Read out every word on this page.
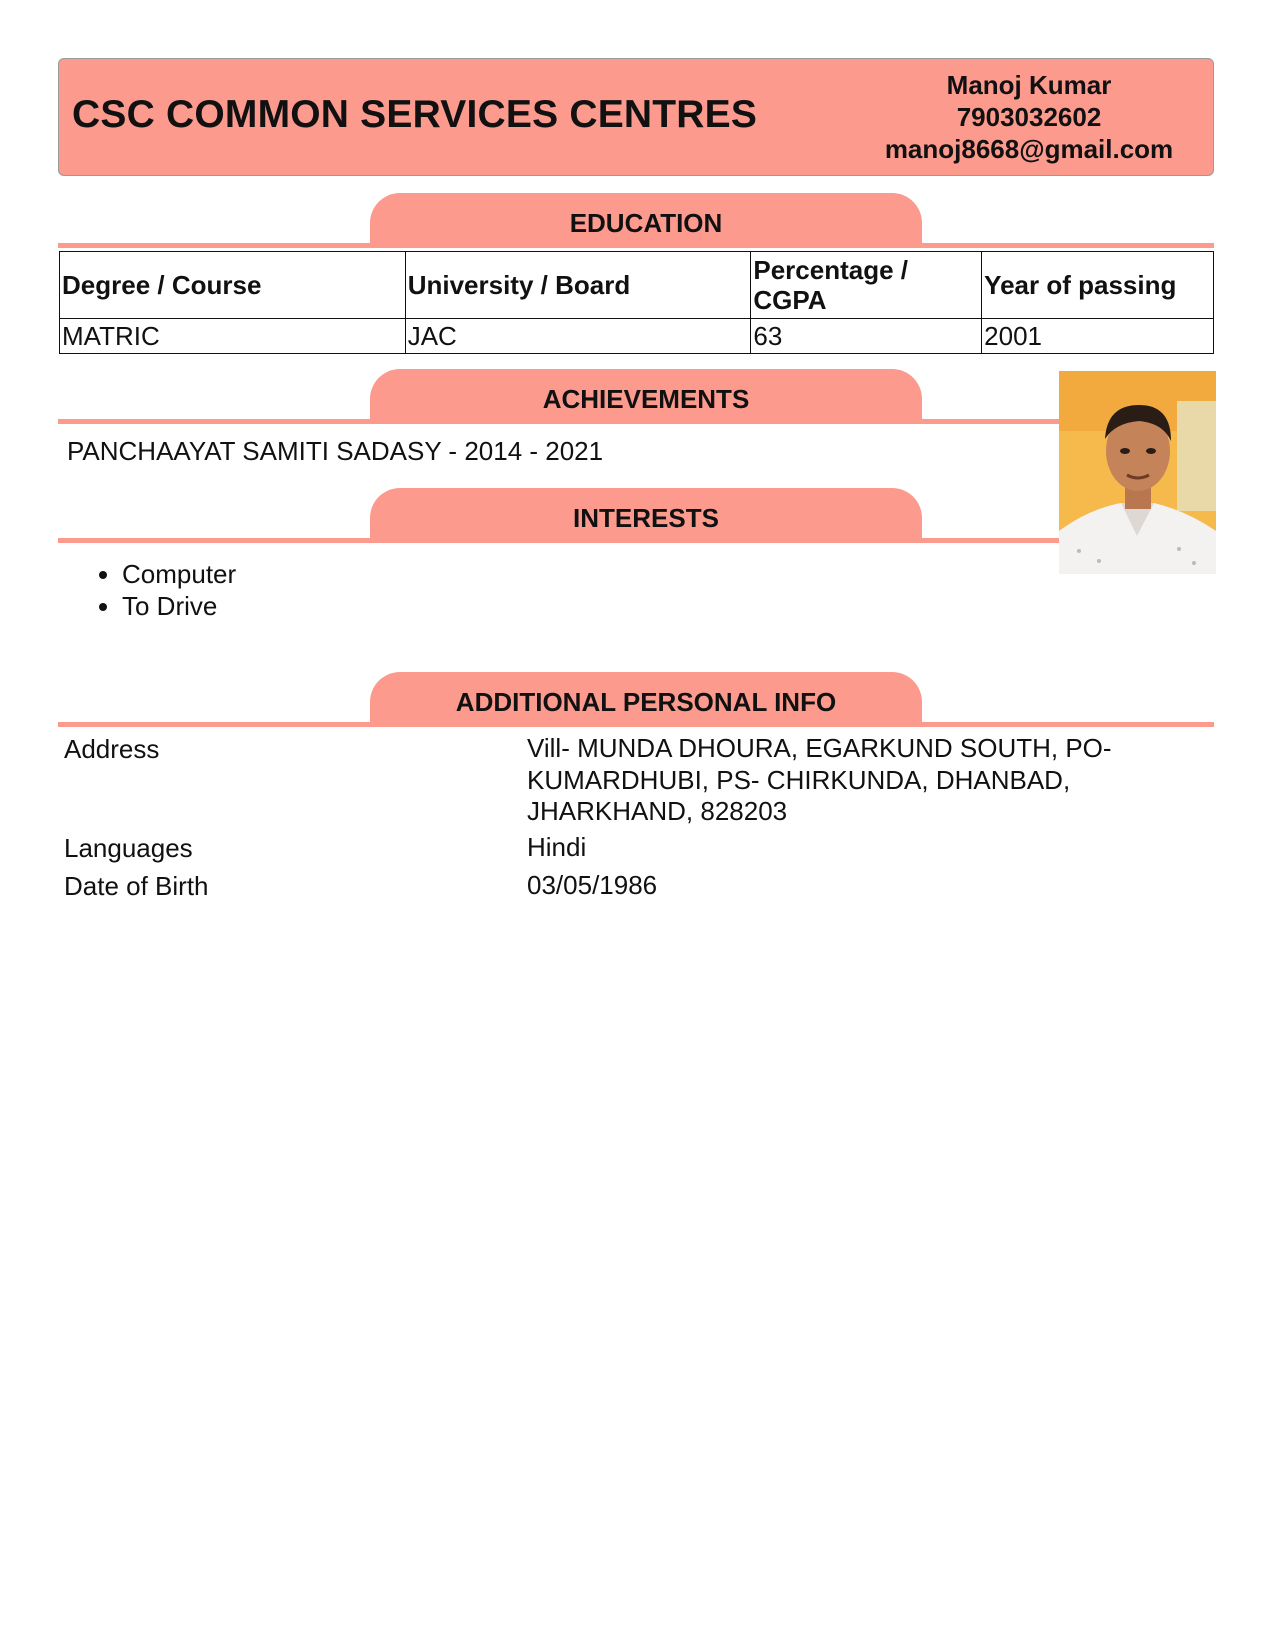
CSC COMMON SERVICES CENTRES
Manoj Kumar
7903032602
manoj8668@gmail.com
EDUCATION
Degree / Course	University / Board	Percentage / CGPA	Year of passing
MATRIC	JAC	63	2001
ACHIEVEMENTS
PANCHAAYAT SAMITI SADASY - 2014 - 2021
INTERESTS
• Computer
• To Drive
ADDITIONAL PERSONAL INFO
Address	Vill- MUNDA DHOURA, EGARKUND SOUTH, PO-KUMARDHUBI, PS- CHIRKUNDA, DHANBAD, JHARKHAND, 828203
Languages	Hindi
Date of Birth	03/05/1986
